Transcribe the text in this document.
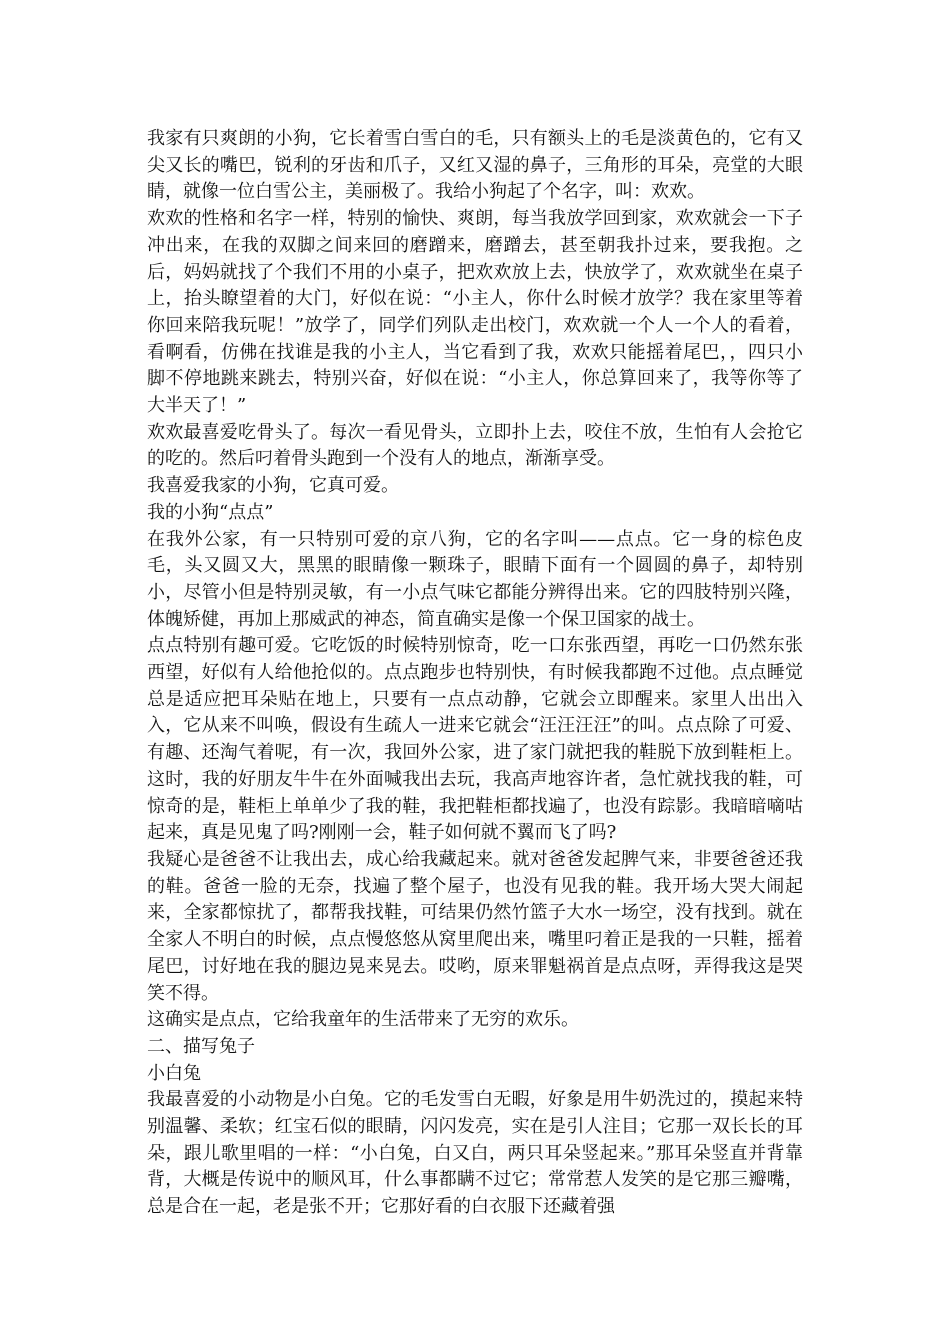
我家有只爽朗的小狗，它长着雪白雪白的毛，只有额头上的毛是淡黄色的，它有又尖又长的嘴巴，锐利的牙齿和爪子，又红又湿的鼻子，三角形的耳朵，亮堂的大眼睛，就像一位白雪公主，美丽极了。我给小狗起了个名字，叫：欢欢。

欢欢的性格和名字一样，特别的愉快、爽朗，每当我放学回到家，欢欢就会一下子冲出来，在我的双脚之间来回的磨蹭来，磨蹭去，甚至朝我扑过来，要我抱。之后，妈妈就找了个我们不用的小桌子，把欢欢放上去，快放学了，欢欢就坐在桌子上，抬头瞭望着的大门，好似在说：“小主人，你什么时候才放学？我在家里等着你回来陪我玩呢！”放学了，同学们列队走出校门，欢欢就一个人一个人的看着，看啊看，仿佛在找谁是我的小主人，当它看到了我，欢欢只能摇着尾巴，，四只小脚不停地跳来跳去，特别兴奋，好似在说：“小主人，你总算回来了，我等你等了大半天了！”

欢欢最喜爱吃骨头了。每次一看见骨头，立即扑上去，咬住不放，生怕有人会抢它的吃的。然后叼着骨头跑到一个没有人的地点，渐渐享受。

我喜爱我家的小狗，它真可爱。

我的小狗“点点”

在我外公家，有一只特别可爱的京八狗，它的名字叫——点点。它一身的棕色皮毛，头又圆又大，黑黑的眼睛像一颗珠子，眼睛下面有一个圆圆的鼻子，却特别小，尽管小但是特别灵敏，有一小点气味它都能分辨得出来。它的四肢特别兴隆，体魄矫健，再加上那威武的神态，简直确实是像一个保卫国家的战士。

点点特别有趣可爱。它吃饭的时候特别惊奇，吃一口东张西望，再吃一口仍然东张西望，好似有人给他抢似的。点点跑步也特别快，有时候我都跑不过他。点点睡觉总是适应把耳朵贴在地上，只要有一点点动静，它就会立即醒来。家里人出出入入，它从来不叫唤，假设有生疏人一进来它就会“汪汪汪汪”的叫。点点除了可爱、有趣、还淘气着呢，有一次，我回外公家，进了家门就把我的鞋脱下放到鞋柜上。这时，我的好朋友牛牛在外面喊我出去玩，我高声地容许者，急忙就找我的鞋，可惊奇的是，鞋柜上单单少了我的鞋，我把鞋柜都找遍了，也没有踪影。我暗暗嘀咕起来，真是见鬼了吗?刚刚一会，鞋子如何就不翼而飞了吗?

我疑心是爸爸不让我出去，成心给我藏起来。就对爸爸发起脾气来，非要爸爸还我的鞋。爸爸一脸的无奈，找遍了整个屋子，也没有见我的鞋。我开场大哭大闹起来，全家都惊扰了，都帮我找鞋，可结果仍然竹篮子大水一场空，没有找到。就在全家人不明白的时候，点点慢悠悠从窝里爬出来，嘴里叼着正是我的一只鞋，摇着尾巴，讨好地在我的腿边晃来晃去。哎哟，原来罪魁祸首是点点呀，弄得我这是哭笑不得。

这确实是点点，它给我童年的生活带来了无穷的欢乐。

二、描写兔子

小白兔

我最喜爱的小动物是小白兔。它的毛发雪白无暇，好象是用牛奶洗过的，摸起来特别温馨、柔软；红宝石似的眼睛，闪闪发亮，实在是引人注目；它那一双长长的耳朵，跟儿歌里唱的一样：“小白兔，白又白，两只耳朵竖起来。”那耳朵竖直并背靠背，大概是传说中的顺风耳，什么事都瞒不过它；常常惹人发笑的是它那三瓣嘴，总是合在一起，老是张不开；它那好看的白衣服下还藏着强
